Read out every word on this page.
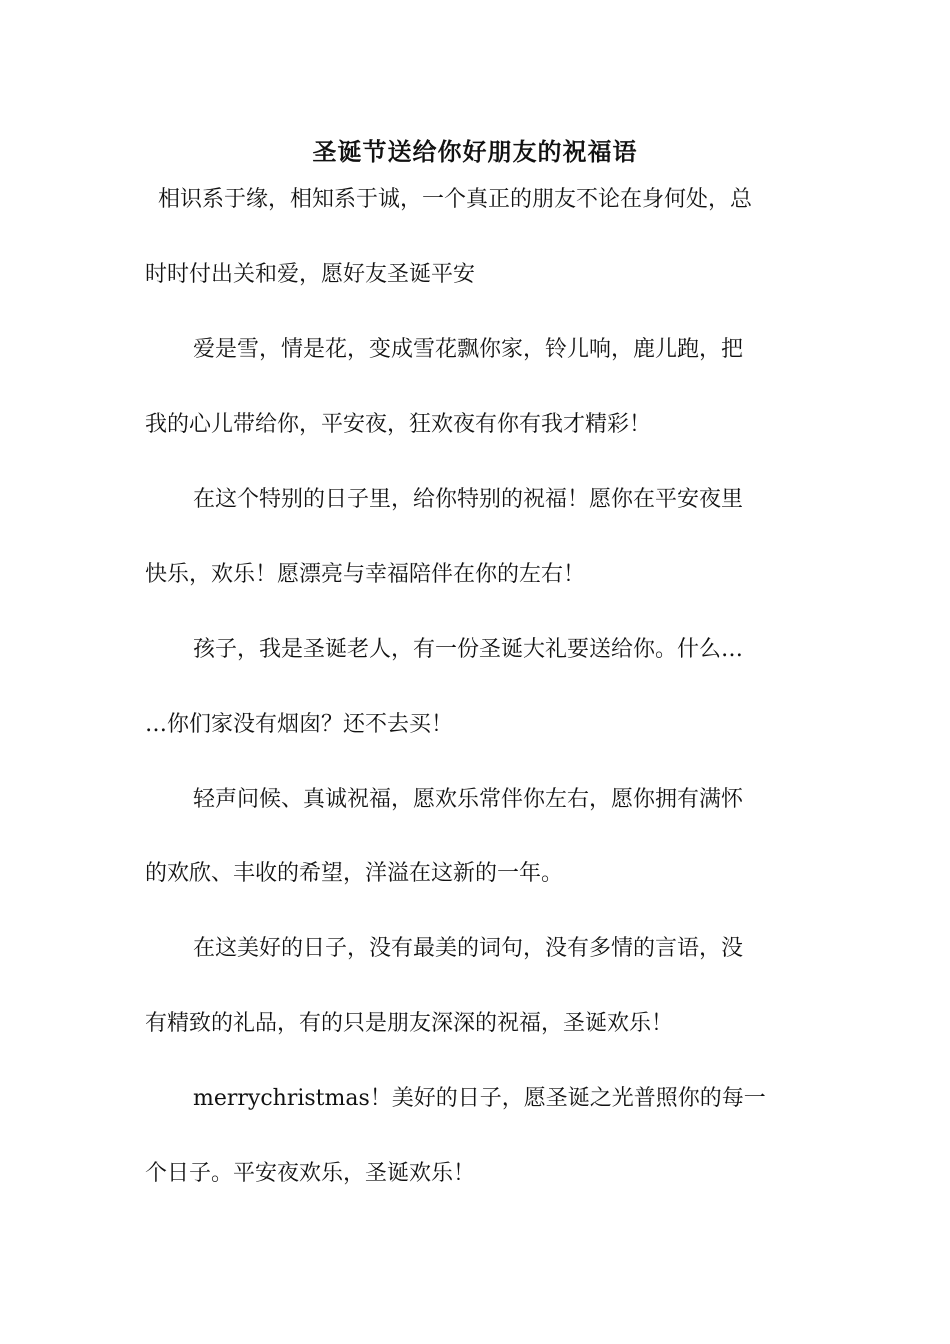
圣诞节送给你好朋友的祝福语
相识系于缘，相知系于诚，一个真正的朋友不论在身何处，总
时时付出关和爱，愿好友圣诞平安
爱是雪，情是花，变成雪花飘你家，铃儿响，鹿儿跑，把
我的心儿带给你，平安夜，狂欢夜有你有我才精彩！
在这个特别的日子里，给你特别的祝福！愿你在平安夜里
快乐，欢乐！愿漂亮与幸福陪伴在你的左右！
孩子，我是圣诞老人，有一份圣诞大礼要送给你。什么…
…你们家没有烟囱？还不去买！
轻声问候、真诚祝福，愿欢乐常伴你左右，愿你拥有满怀
的欢欣、丰收的希望，洋溢在这新的一年。
在这美好的日子，没有最美的词句，没有多情的言语，没
有精致的礼品，有的只是朋友深深的祝福，圣诞欢乐！
merrychristmas！美好的日子，愿圣诞之光普照你的每一
个日子。平安夜欢乐，圣诞欢乐！
